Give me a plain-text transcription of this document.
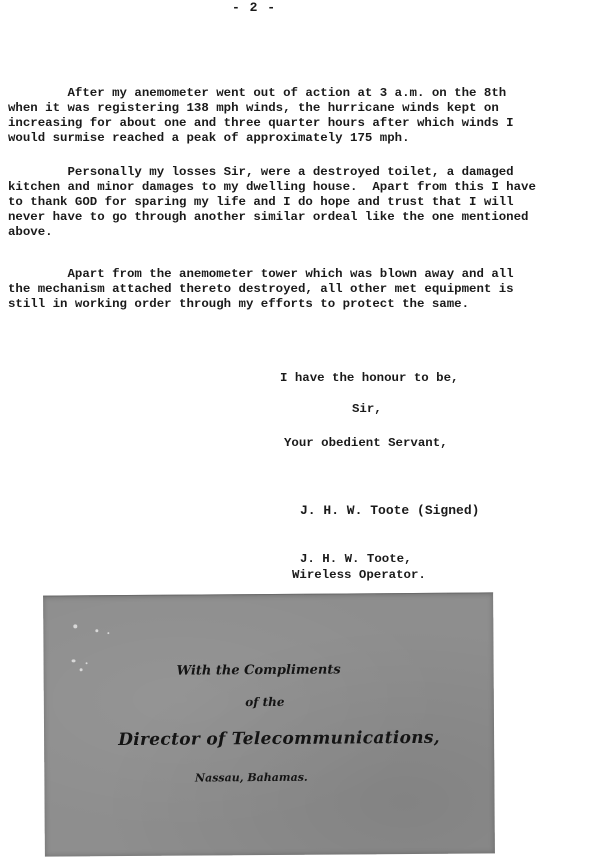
- 2 -
After my anemometer went out of action at 3 a.m. on the 8th
when it was registering 138 mph winds, the hurricane winds kept on
increasing for about one and three quarter hours after which winds I
would surmise reached a peak of approximately 175 mph.
Personally my losses Sir, were a destroyed toilet, a damaged
kitchen and minor damages to my dwelling house.  Apart from this I have
to thank GOD for sparing my life and I do hope and trust that I will
never have to go through another similar ordeal like the one mentioned
above.
Apart from the anemometer tower which was blown away and all
the mechanism attached thereto destroyed, all other met equipment is
still in working order through my efforts to protect the same.
I have the honour to be,
Sir,
Your obedient Servant,
J. H. W. Toote (Signed)
J. H. W. Toote,
Wireless Operator.
With the Compliments
of the
Director of Telecommunications,
Nassau, Bahamas.
